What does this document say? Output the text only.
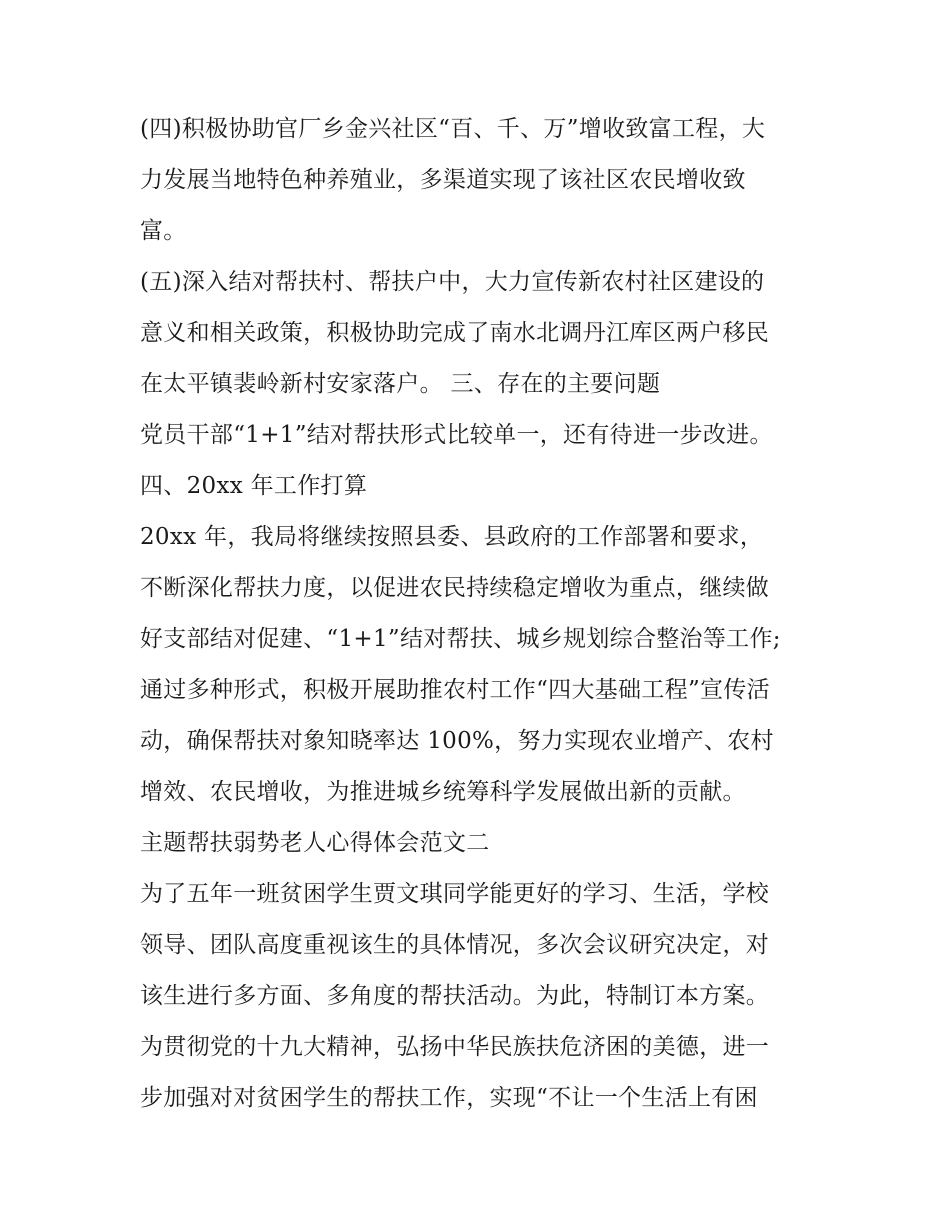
(四)积极协助官厂乡金兴社区“百、千、万”增收致富工程，大
力发展当地特色种养殖业，多渠道实现了该社区农民增收致
富。
(五)深入结对帮扶村、帮扶户中，大力宣传新农村社区建设的
意义和相关政策，积极协助完成了南水北调丹江库区两户移民
在太平镇裴岭新村安家落户。 三、存在的主要问题
党员干部“1+1”结对帮扶形式比较单一，还有待进一步改进。
四、20xx 年工作打算
20xx 年，我局将继续按照县委、县政府的工作部署和要求，
不断深化帮扶力度，以促进农民持续稳定增收为重点，继续做
好支部结对促建、“1+1”结对帮扶、城乡规划综合整治等工作;
通过多种形式，积极开展助推农村工作“四大基础工程”宣传活
动，确保帮扶对象知晓率达 100%，努力实现农业增产、农村
增效、农民增收，为推进城乡统筹科学发展做出新的贡献。
主题帮扶弱势老人心得体会范文二
为了五年一班贫困学生贾文琪同学能更好的学习、生活，学校
领导、团队高度重视该生的具体情况，多次会议研究决定，对
该生进行多方面、多角度的帮扶活动。为此，特制订本方案。
为贯彻党的十九大精神，弘扬中华民族扶危济困的美德，进一
步加强对对贫困学生的帮扶工作，实现“不让一个生活上有困
